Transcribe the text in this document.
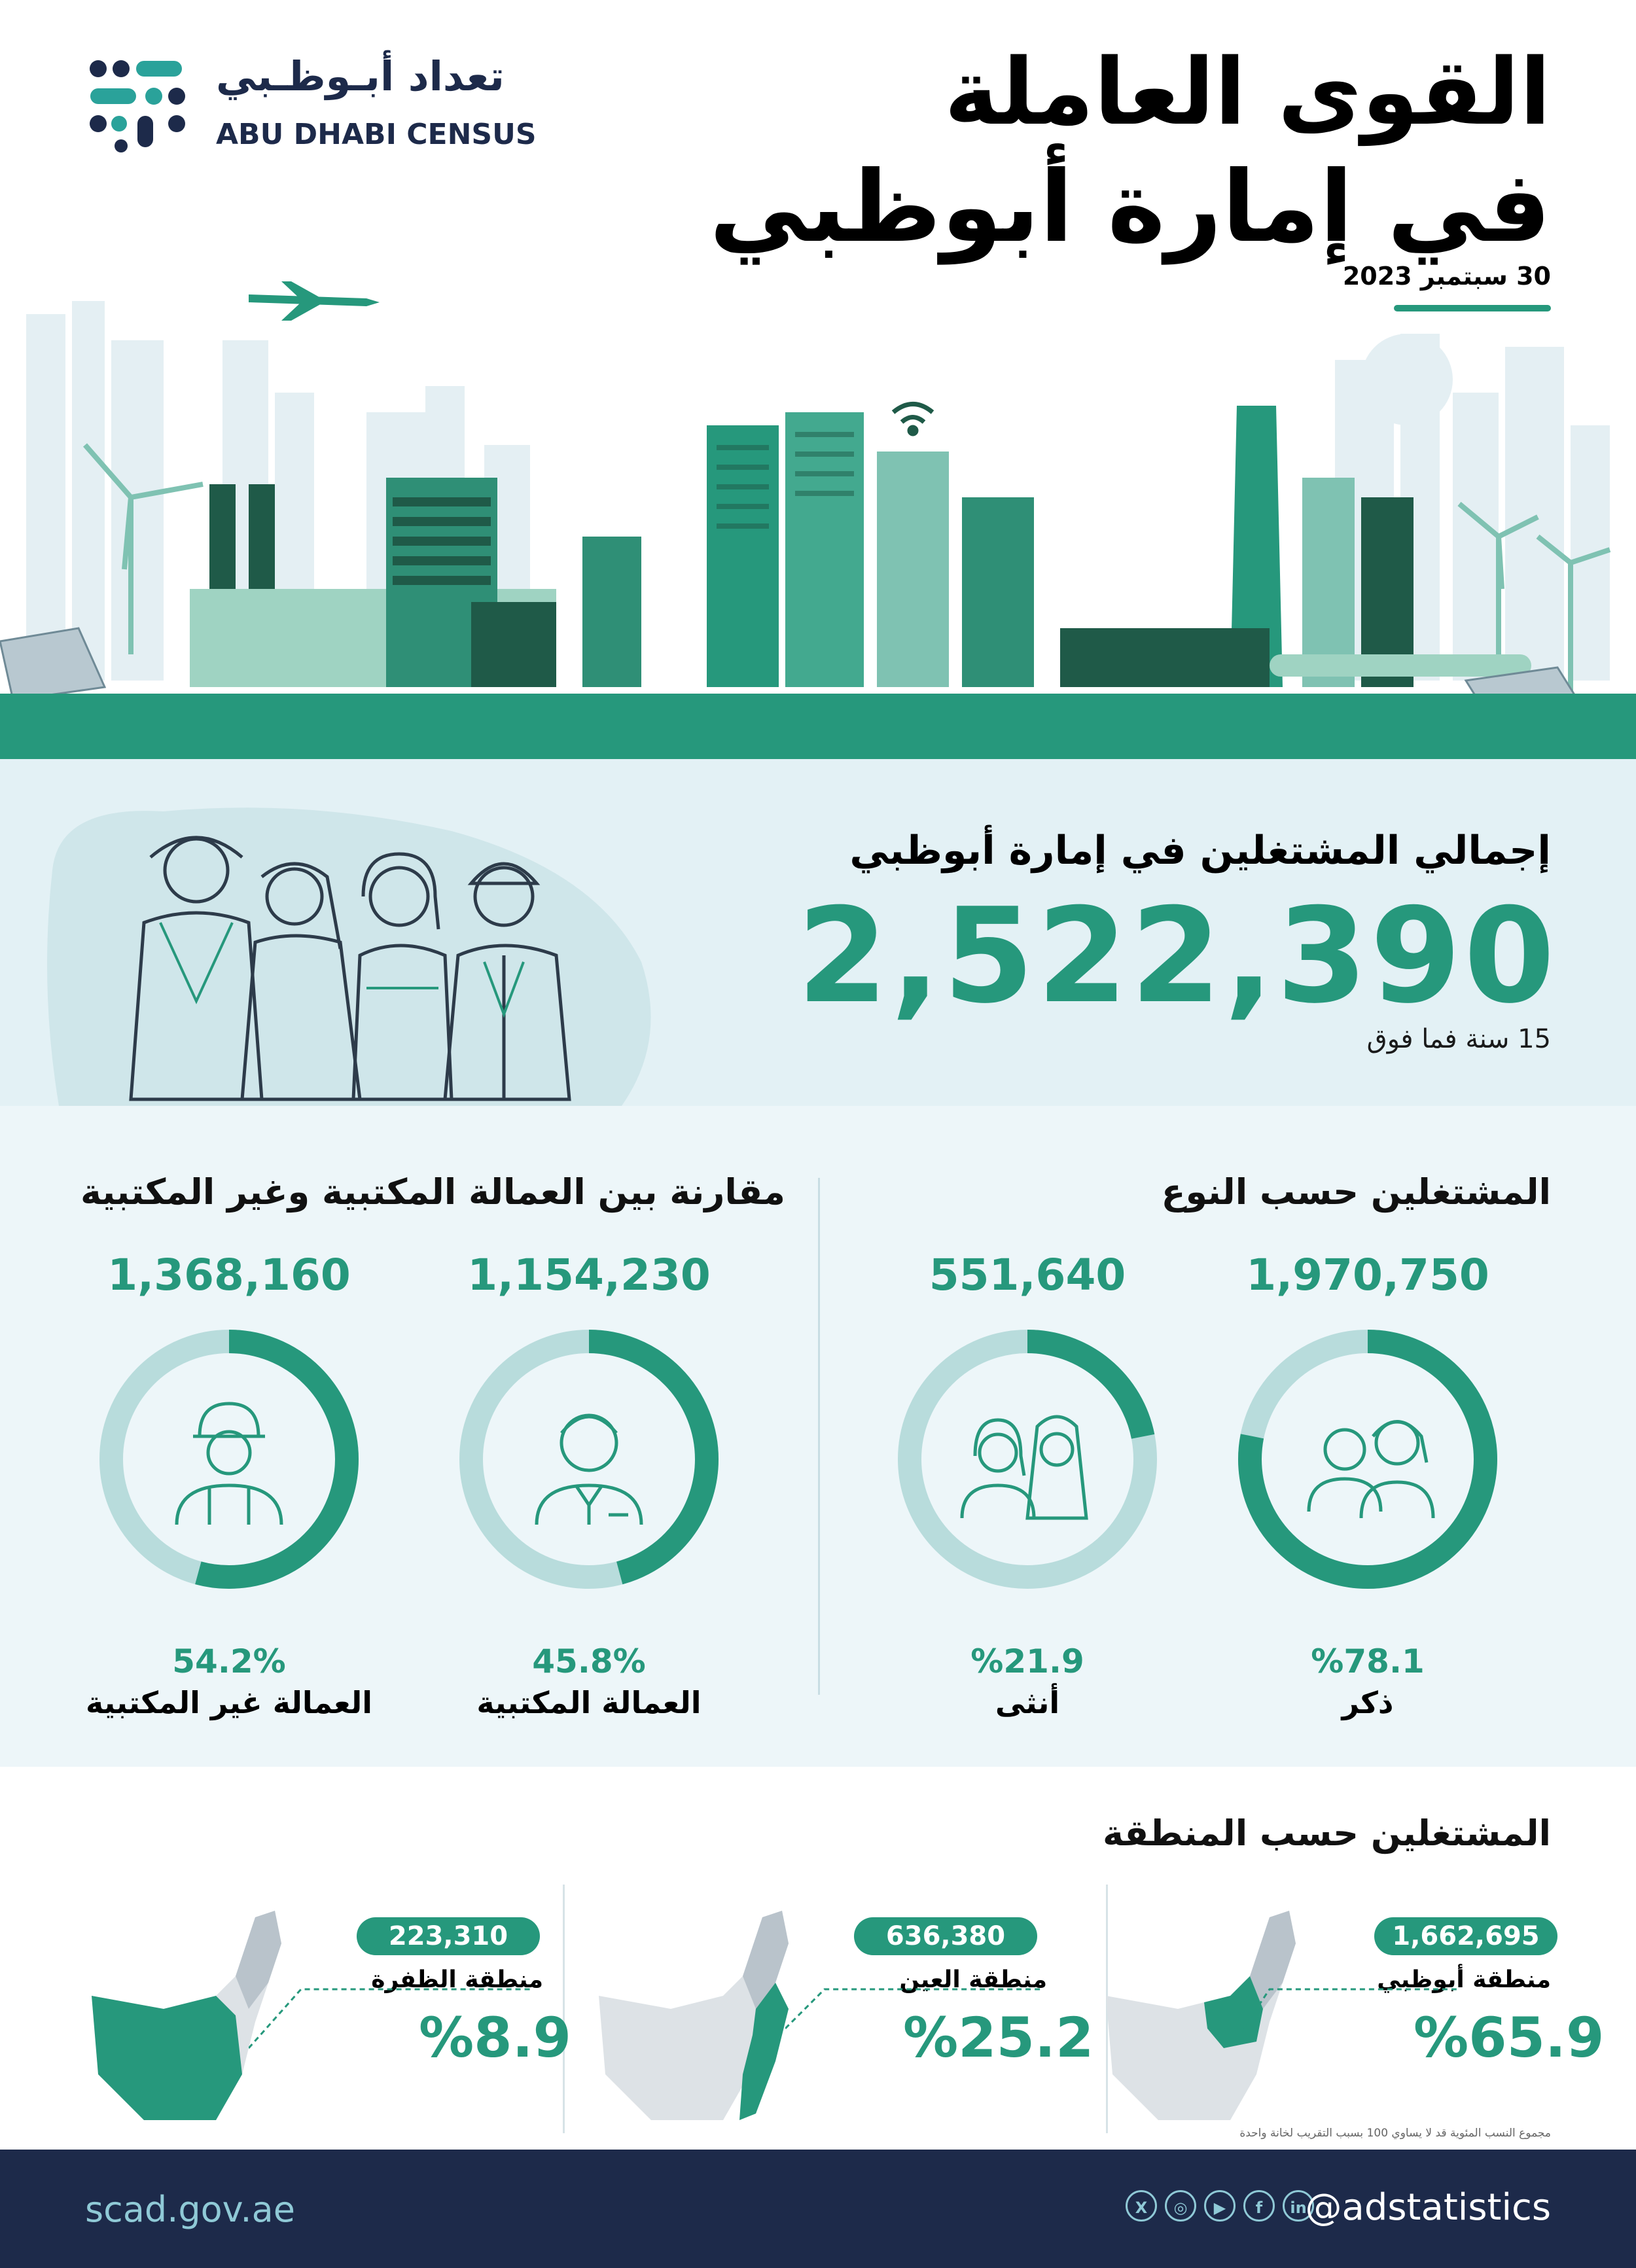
تعداد أبـوظـبي
ABU DHABI CENSUS	القوى العاملة
في إمارة أبوظبي
30 سبتمبر 2023
إجمالي المشتغلين في إمارة أبوظبي
2,522,390
15 سنة فما فوق
المشتغلين حسب النوع
1,970,750
%78.1
ذكر
551,640
%21.9
أنثى
مقارنة بين العمالة المكتبية وغير المكتبية
1,154,230
45.8%
العمالة المكتبية
1,368,160
54.2%
العمالة غير المكتبية
المشتغلين حسب المنطقة
1,662,695
منطقة أبوظبي
%65.9
636,380
منطقة العين
%25.2
223,310
منطقة الظفرة
%8.9
مجموع النسب المئوية قد لا يساوي 100 بسبب التقريب لخانة واحدة
scad.gov.ae	X	◎	▶	f	in
@adstatistics
